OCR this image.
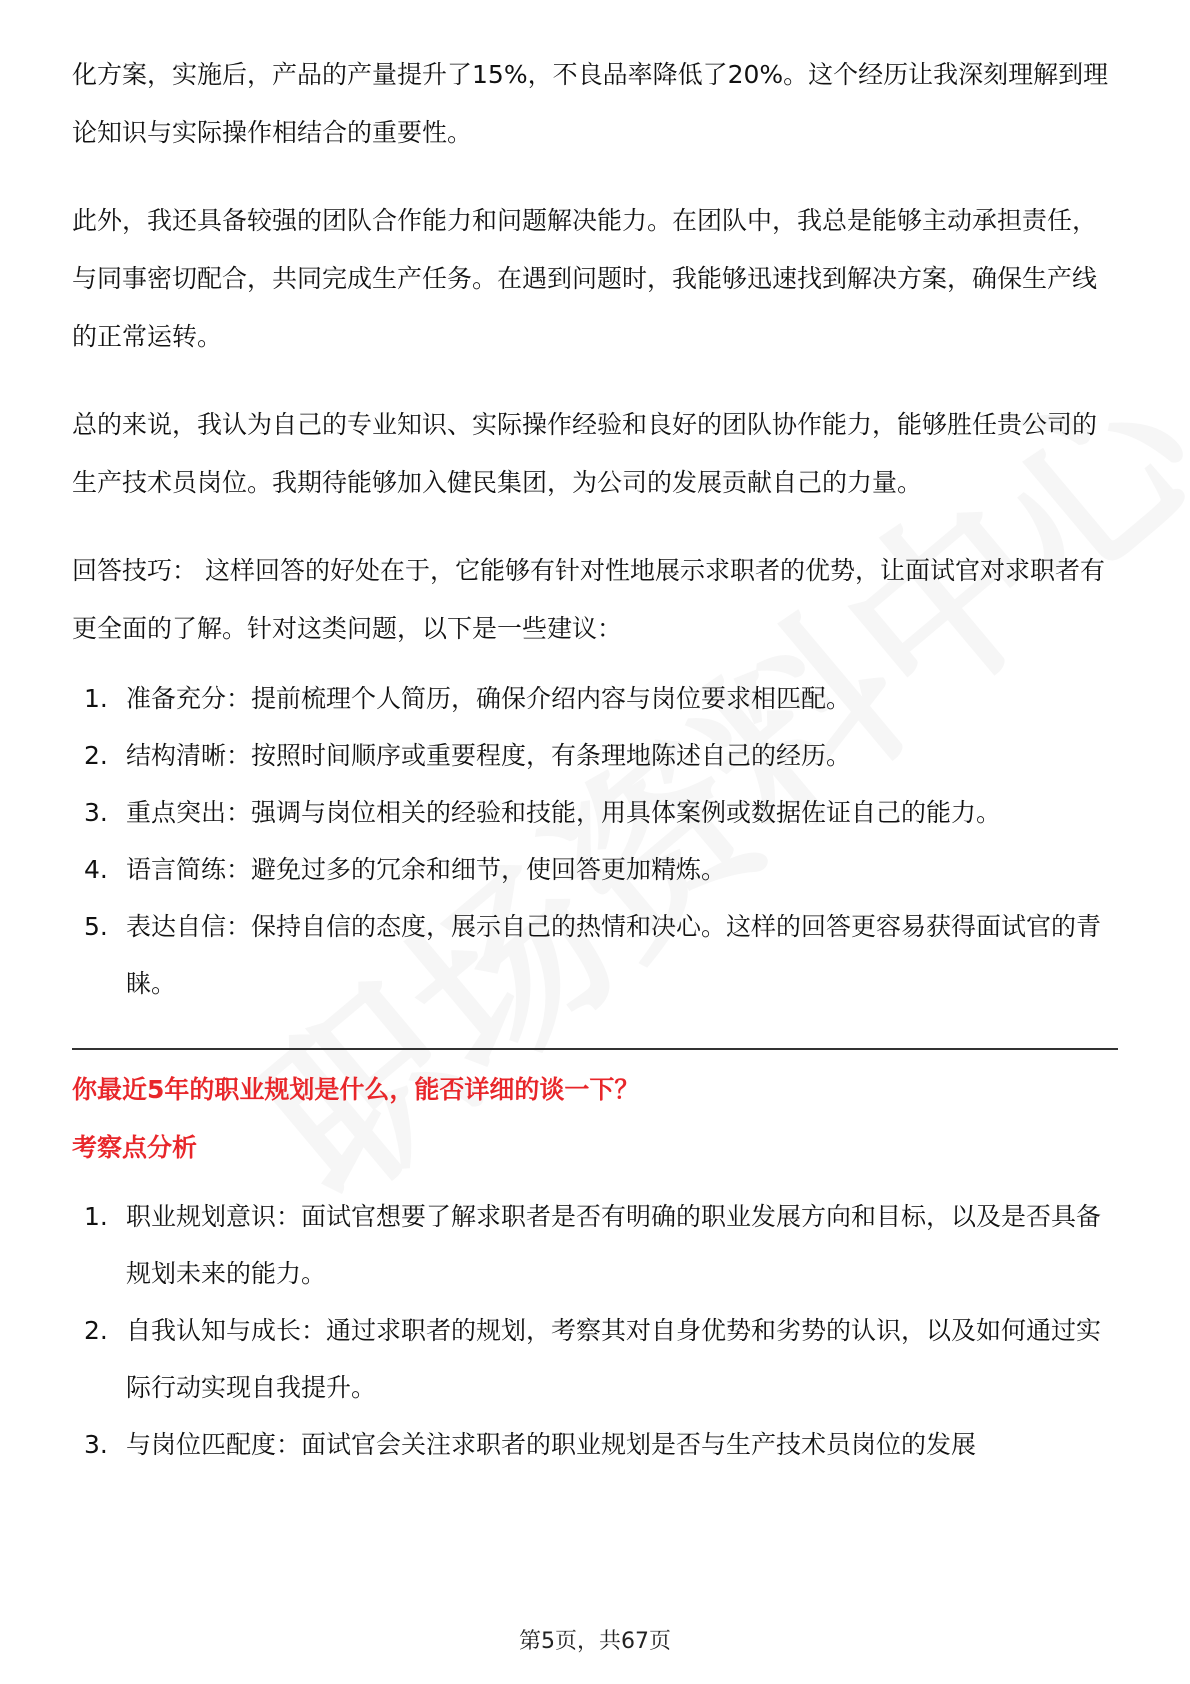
化方案，实施后，产品的产量提升了15%，不良品率降低了20%。这个经历让我深刻理解到理论知识与实际操作相结合的重要性。

此外，我还具备较强的团队合作能力和问题解决能力。在团队中，我总是能够主动承担责任，与同事密切配合，共同完成生产任务。在遇到问题时，我能够迅速找到解决方案，确保生产线的正常运转。

总的来说，我认为自己的专业知识、实际操作经验和良好的团队协作能力，能够胜任贵公司的生产技术员岗位。我期待能够加入健民集团，为公司的发展贡献自己的力量。

回答技巧： 这样回答的好处在于，它能够有针对性地展示求职者的优势，让面试官对求职者有更全面的了解。针对这类问题，以下是一些建议：

1. 准备充分：提前梳理个人简历，确保介绍内容与岗位要求相匹配。
2. 结构清晰：按照时间顺序或重要程度，有条理地陈述自己的经历。
3. 重点突出：强调与岗位相关的经验和技能，用具体案例或数据佐证自己的能力。
4. 语言简练：避免过多的冗余和细节，使回答更加精炼。
5. 表达自信：保持自信的态度，展示自己的热情和决心。这样的回答更容易获得面试官的青睐。
你最近5年的职业规划是什么，能否详细的谈一下？
考察点分析
1. 职业规划意识：面试官想要了解求职者是否有明确的职业发展方向和目标，以及是否具备规划未来的能力。
2. 自我认知与成长：通过求职者的规划，考察其对自身优势和劣势的认识，以及如何通过实际行动实现自我提升。
3. 与岗位匹配度：面试官会关注求职者的职业规划是否与生产技术员岗位的发展
第5页，共67页
